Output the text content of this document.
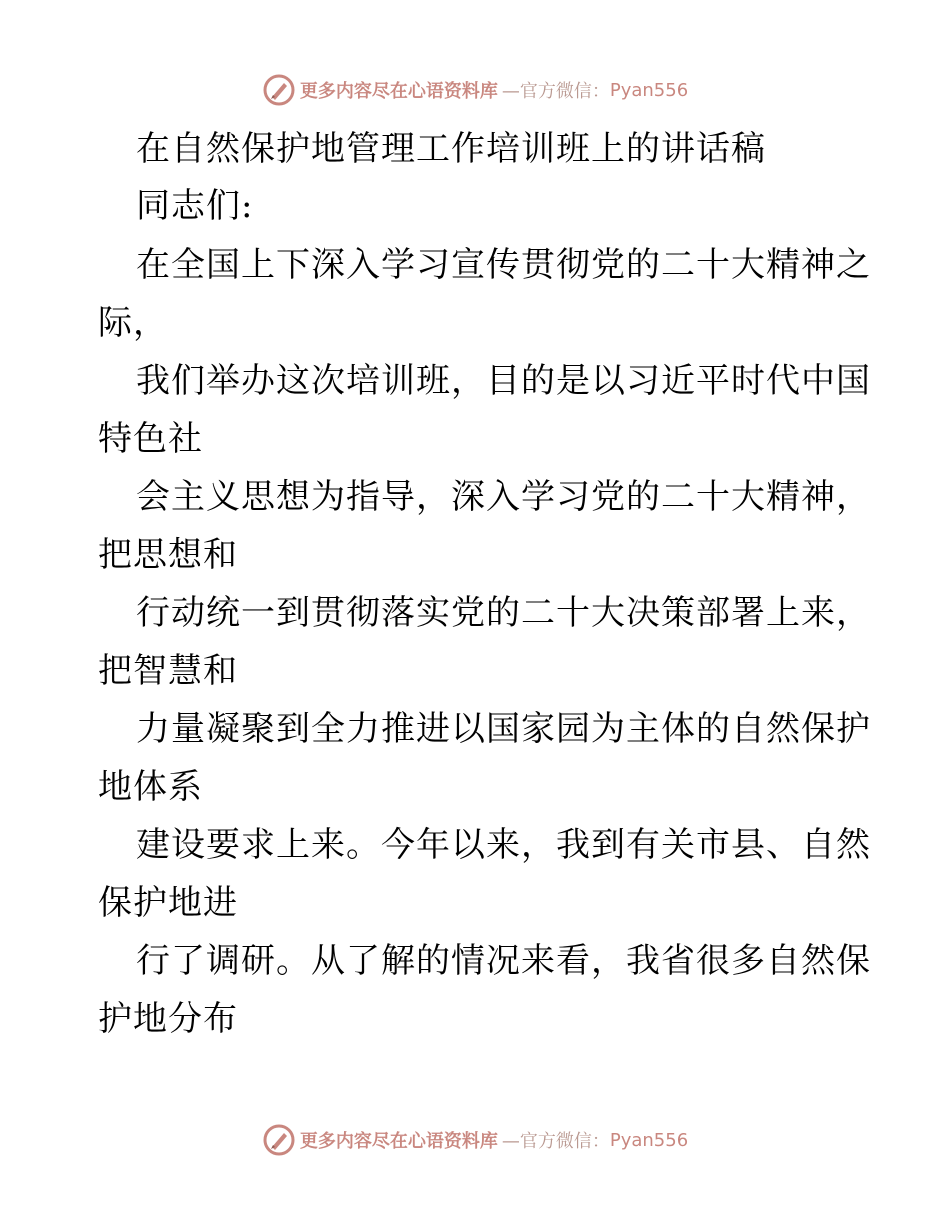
更多内容尽在心语资料库 —官方微信： Pyan556
在自然保护地管理工作培训班上的讲话稿
同志们:
在全国上下深入学习宣传贯彻党的二十大精神之
际，
我们举办这次培训班，目的是以习近平时代中国
特色社
会主义思想为指导，深入学习党的二十大精神，
把思想和
行动统一到贯彻落实党的二十大决策部署上来，
把智慧和
力量凝聚到全力推进以国家园为主体的自然保护
地体系
建设要求上来。今年以来，我到有关市县、自然
保护地进
行了调研。从了解的情况来看，我省很多自然保
护地分布
更多内容尽在心语资料库 —官方微信： Pyan556
